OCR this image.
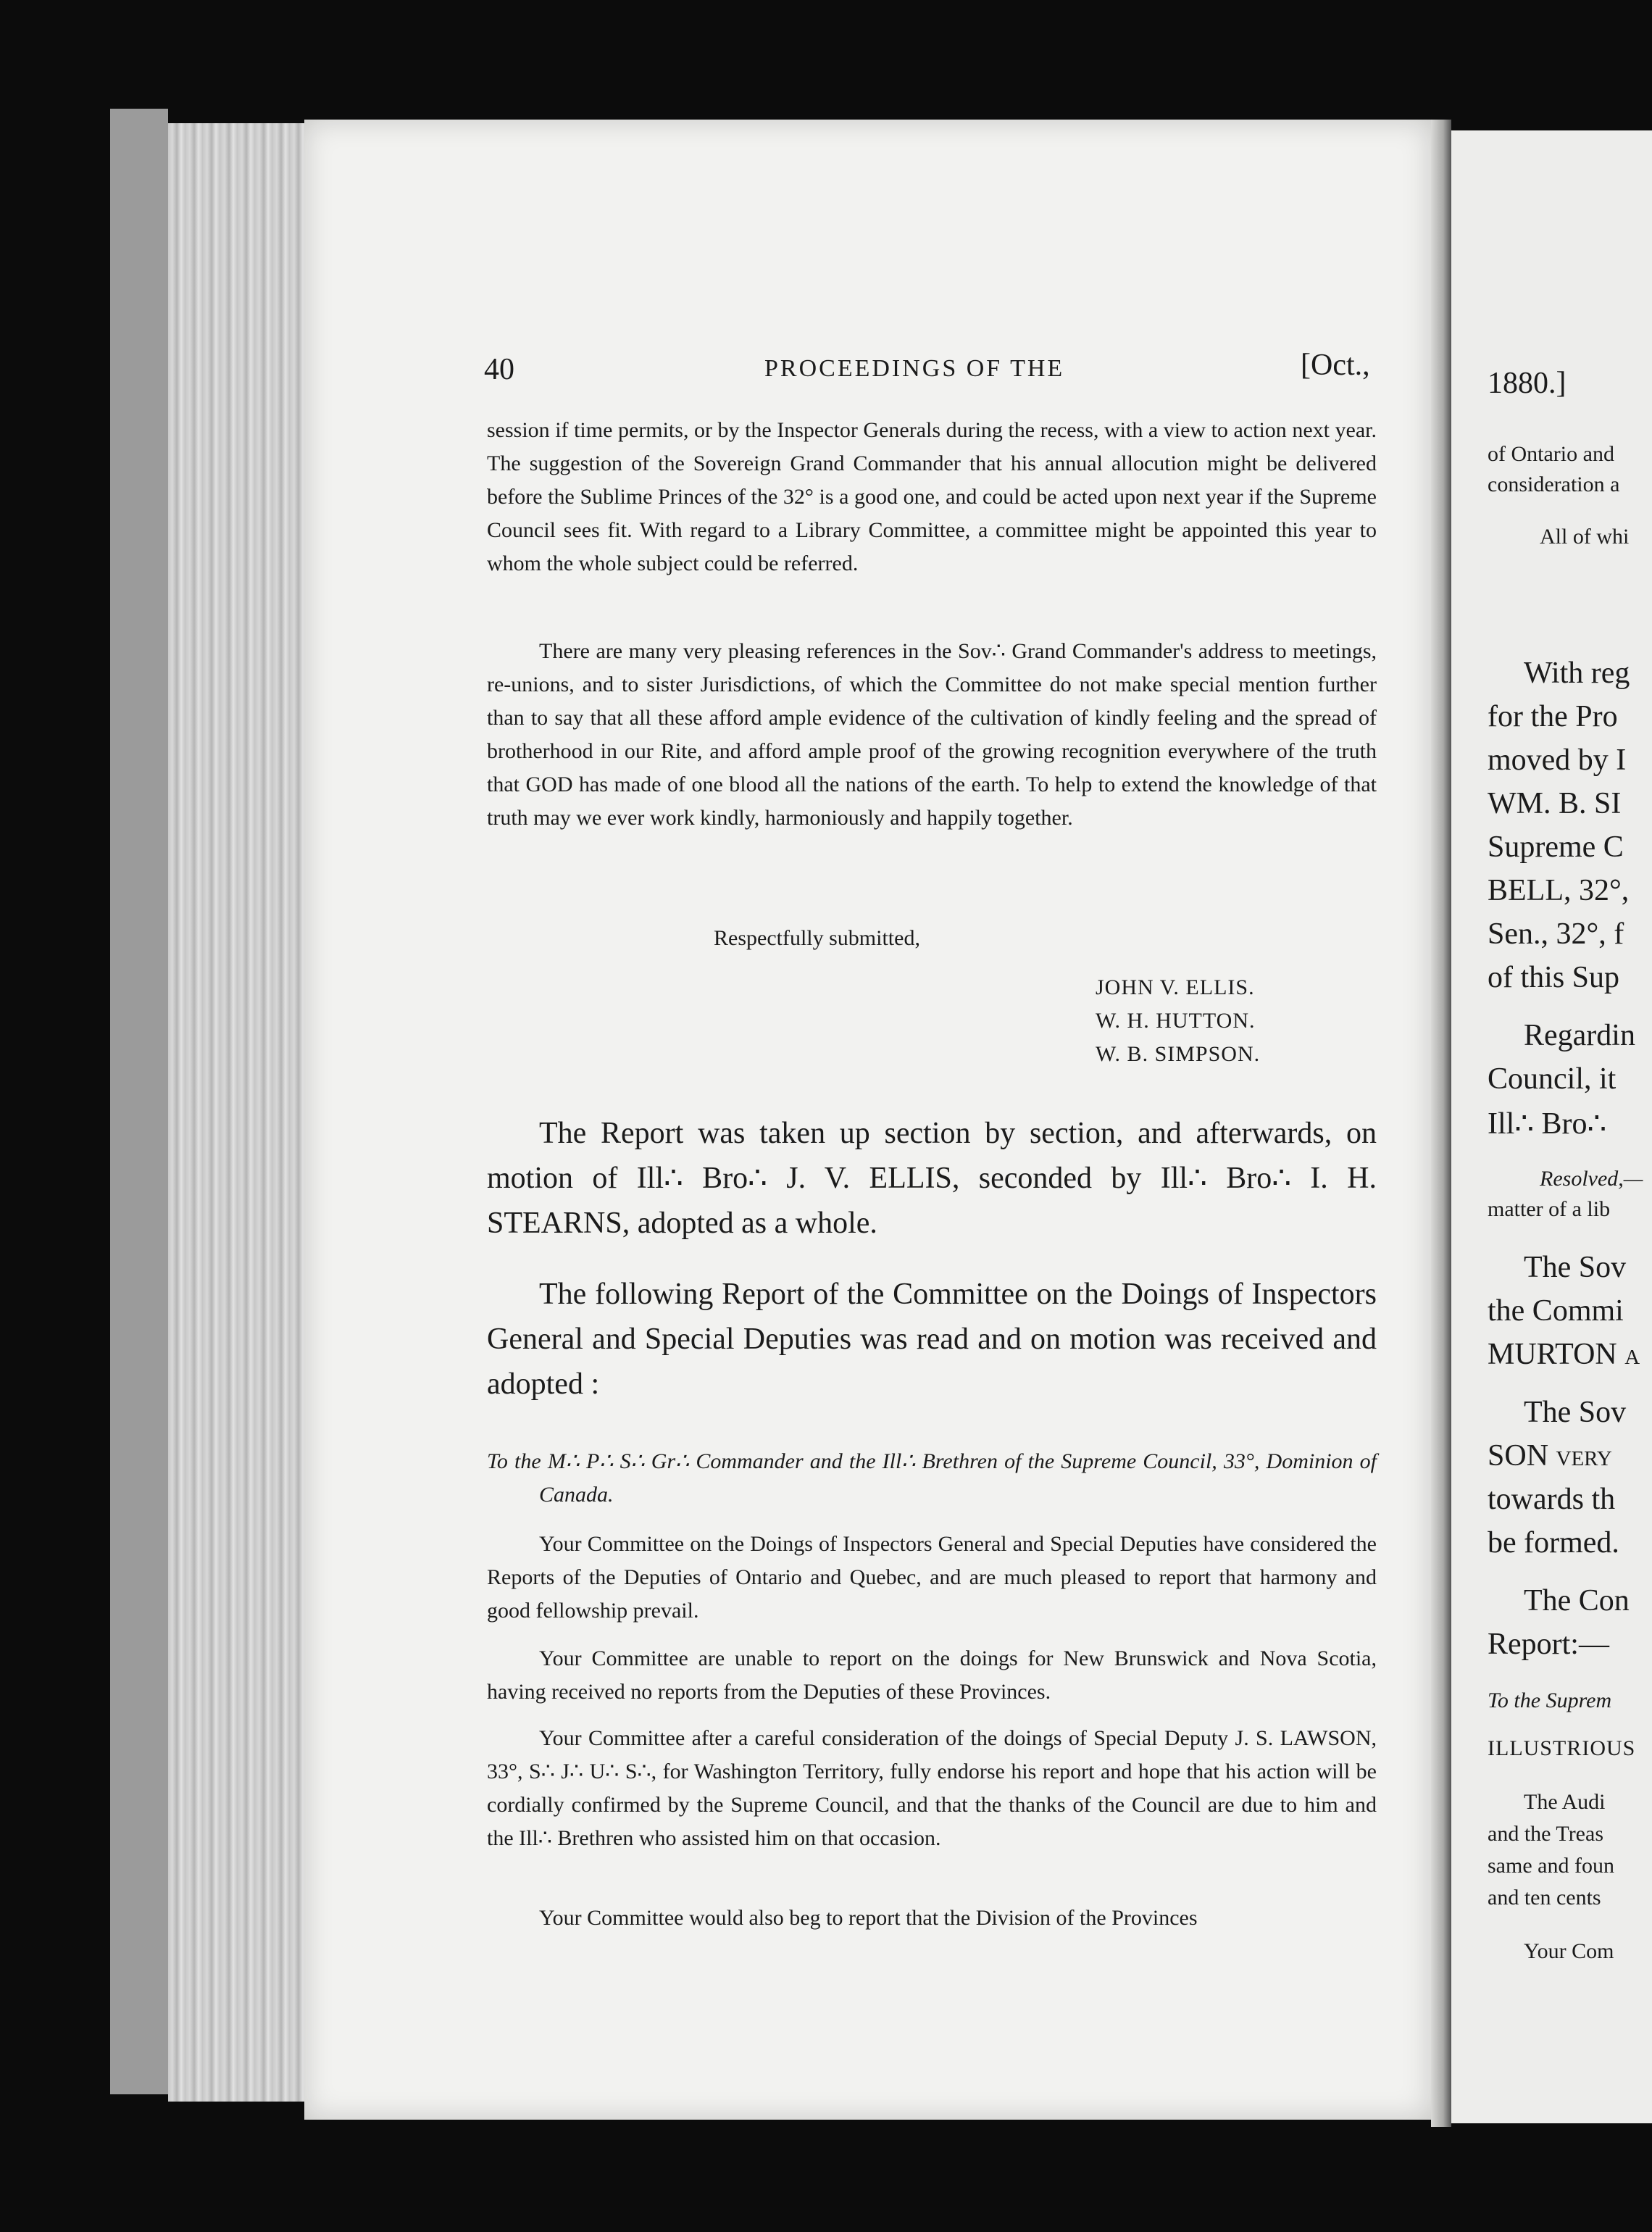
40	PROCEEDINGS OF THE	[Oct.,

session if time permits, or by the Inspector Generals during the recess, with a view to action next year. The suggestion of the Sovereign Grand Commander that his annual allocution might be delivered before the Sublime Princes of the 32° is a good one, and could be acted upon next year if the Supreme Council sees fit. With regard to a Library Committee, a committee might be appointed this year to whom the whole subject could be referred.

There are many very pleasing references in the Sov∴ Grand Commander's address to meetings, re-unions, and to sister Jurisdictions, of which the Committee do not make special mention further than to say that all these afford ample evidence of the cultivation of kindly feeling and the spread of brotherhood in our Rite, and afford ample proof of the growing recognition everywhere of the truth that GOD has made of one blood all the nations of the earth. To help to extend the knowledge of that truth may we ever work kindly, harmoniously and happily together.

Respectfully submitted,
JOHN V. ELLIS.
W. H. HUTTON.
W. B. SIMPSON.

The Report was taken up section by section, and afterwards, on motion of Ill∴ Bro∴ J. V. ELLIS, seconded by Ill∴ Bro∴ I. H. STEARNS, adopted as a whole.

The following Report of the Committee on the Doings of Inspectors General and Special Deputies was read and on motion was received and adopted :

To the M∴ P∴ S∴ Gr∴ Commander and the Ill∴ Brethren of the Supreme Council, 33°, Dominion of Canada.

Your Committee on the Doings of Inspectors General and Special Deputies have considered the Reports of the Deputies of Ontario and Quebec, and are much pleased to report that harmony and good fellowship prevail.

Your Committee are unable to report on the doings for New Brunswick and Nova Scotia, having received no reports from the Deputies of these Provinces.

Your Committee after a careful consideration of the doings of Special Deputy J. S. LAWSON, 33°, S∴ J∴ U∴ S∴, for Washington Territory, fully endorse his report and hope that his action will be cordially confirmed by the Supreme Council, and that the thanks of the Council are due to him and the Ill∴ Brethren who assisted him on that occasion.

Your Committee would also beg to report that the Division of the Provinces

1880.]
of Ontario and
consideration a
All of whi
With reg
for the Pro
moved by I
WM. B. SI
Supreme C
BELL, 32°,
Sen., 32°, f
of this Sup
Regardin
Council, it
Ill∴ Bro∴
Resolved,—
matter of a lib
The Sov
the Commi
MURTON a
The Sov
SON very
towards th
be formed.
The Con
Report:—
To the Suprem
ILLUSTRIOUS
The Audi
and the Treas
same and foun
and ten cents
Your Com
